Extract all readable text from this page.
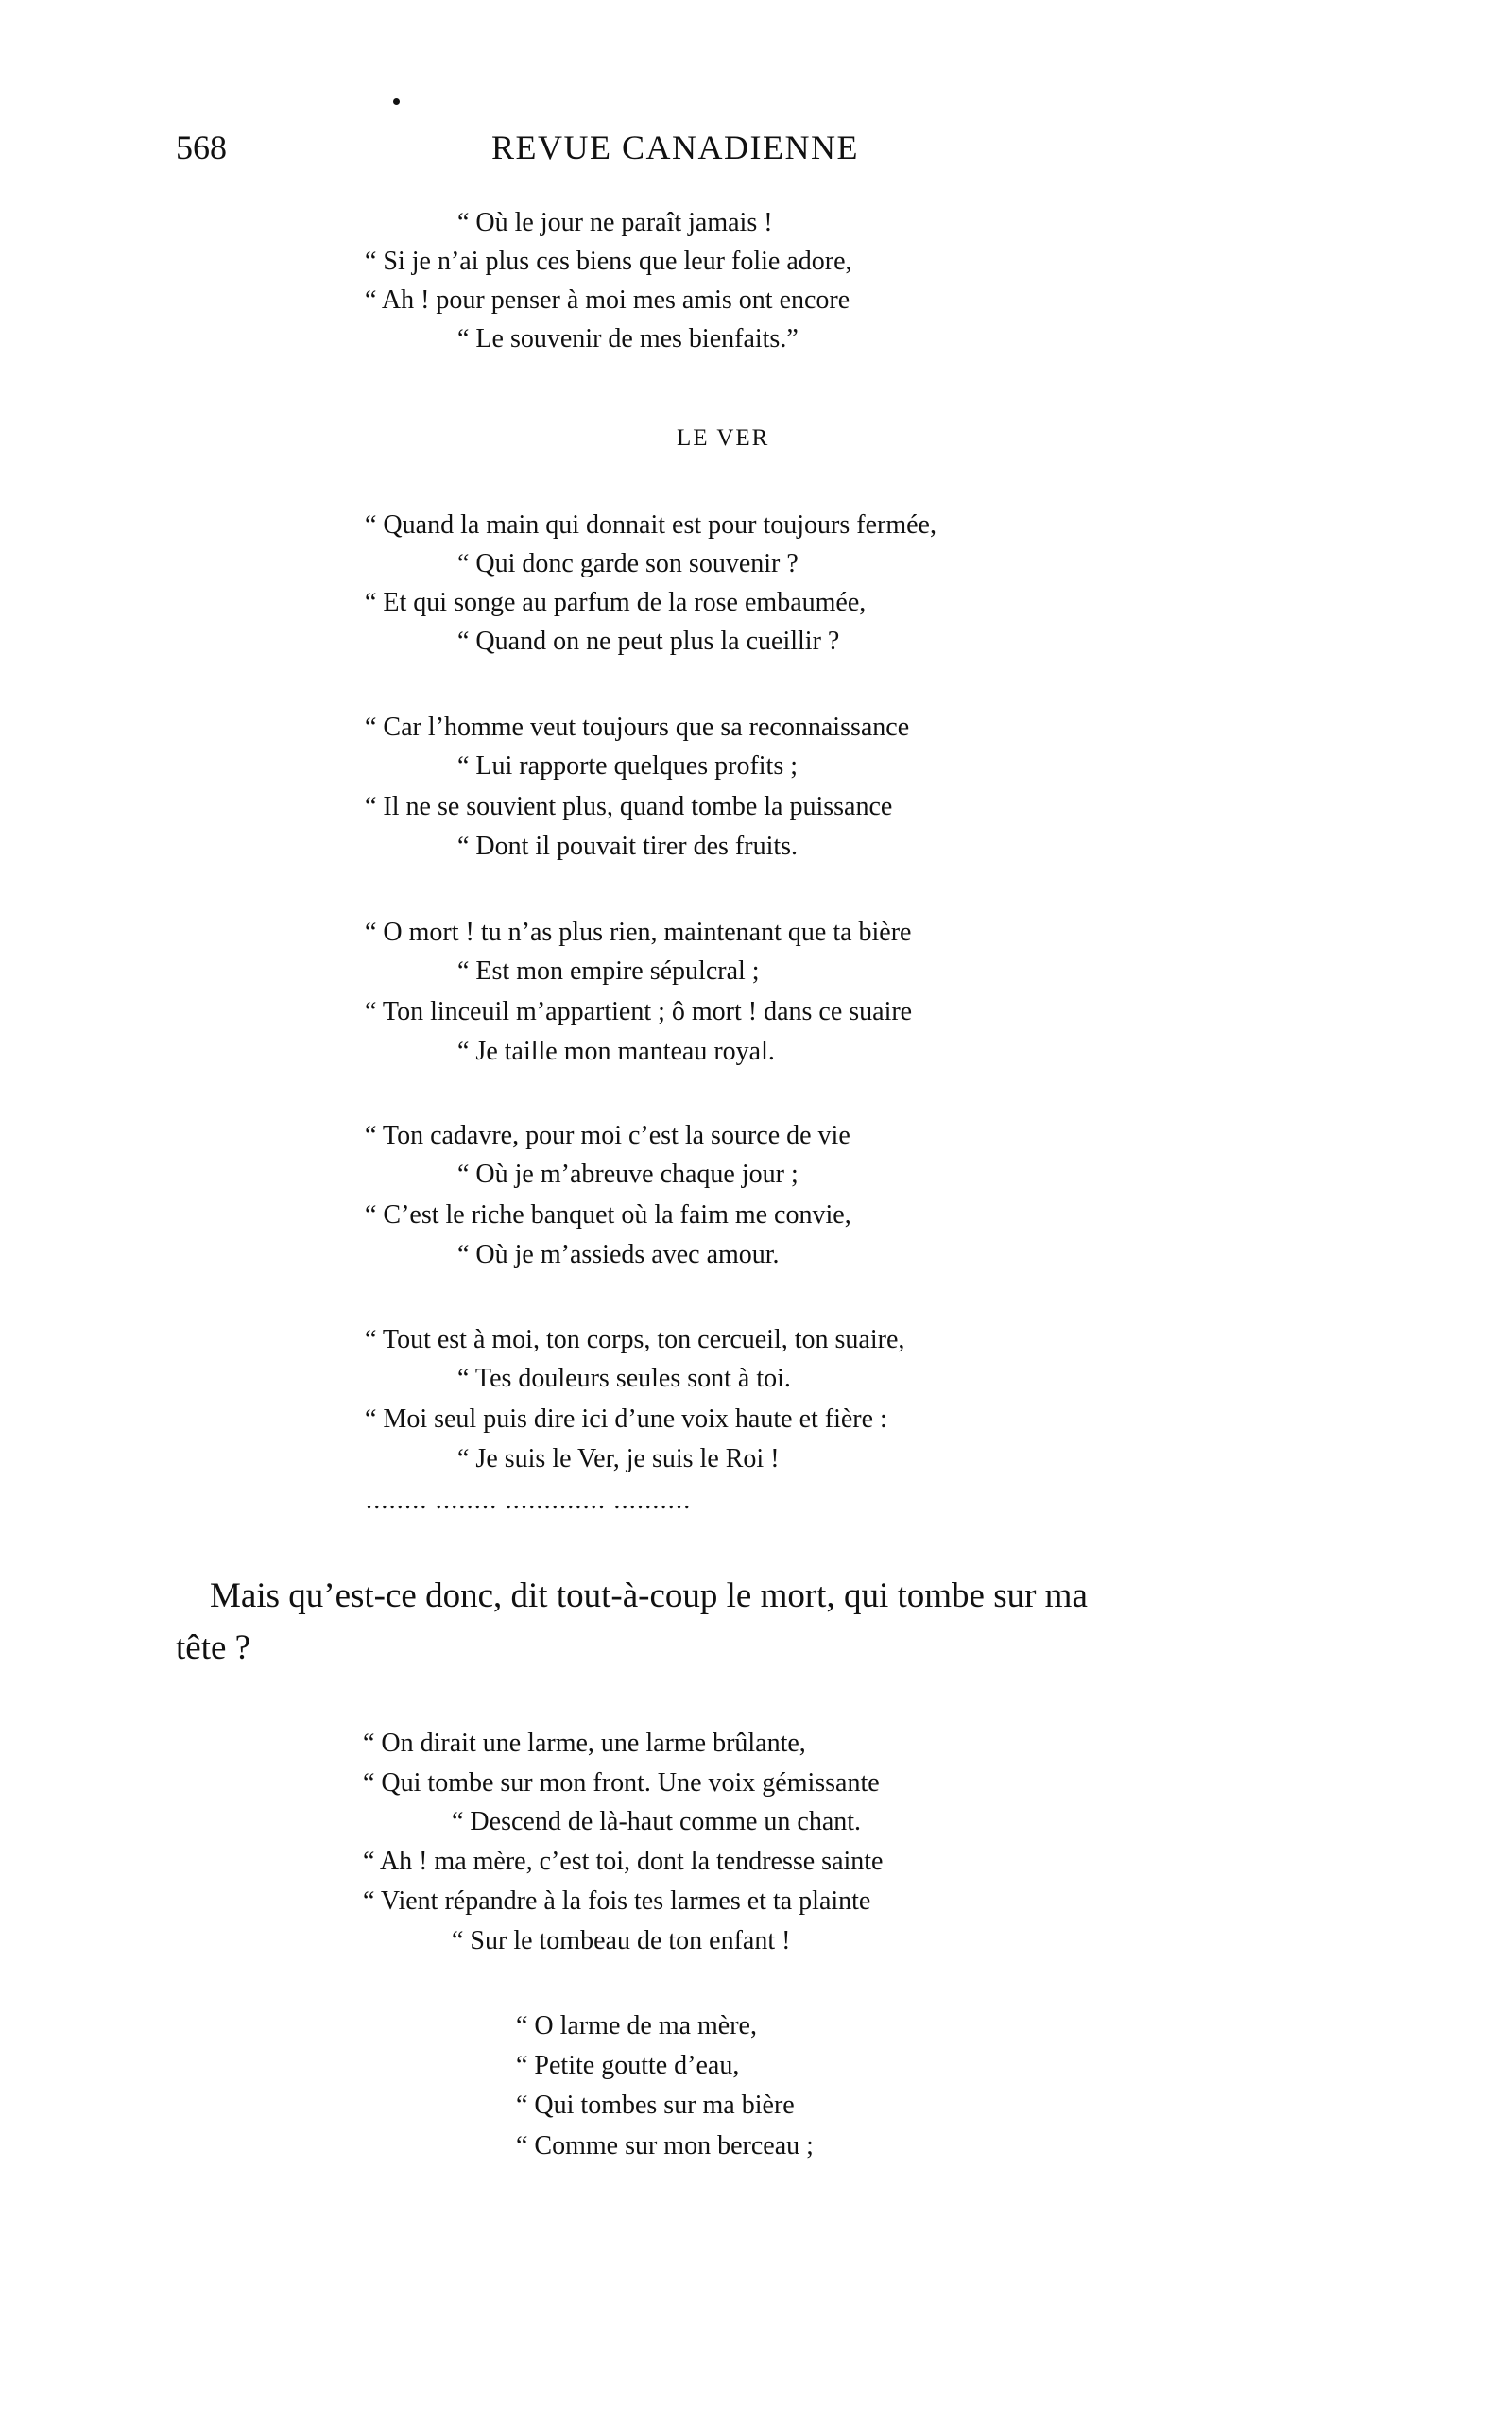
568	REVUE CANADIENNE
“ Où le jour ne paraît jamais !
“ Si je n’ai plus ces biens que leur folie adore,
“ Ah ! pour penser à moi mes amis ont encore
“ Le souvenir de mes bienfaits.”
LE VER
“ Quand la main qui donnait est pour toujours fermée,
“ Qui donc garde son souvenir ?
“ Et qui songe au parfum de la rose embaumée,
“ Quand on ne peut plus la cueillir ?
“ Car l’homme veut toujours que sa reconnaissance
“ Lui rapporte quelques profits ;
“ Il ne se souvient plus, quand tombe la puissance
“ Dont il pouvait tirer des fruits.
“ O mort ! tu n’as plus rien, maintenant que ta bière
“ Est mon empire sépulcral ;
“ Ton linceuil m’appartient ; ô mort ! dans ce suaire
“ Je taille mon manteau royal.
“ Ton cadavre, pour moi c’est la source de vie
“ Où je m’abreuve chaque jour ;
“ C’est le riche banquet où la faim me convie,
“ Où je m’assieds avec amour.
“ Tout est à moi, ton corps, ton cercueil, ton suaire,
“ Tes douleurs seules sont à toi.
“ Moi seul puis dire ici d’une voix haute et fière :
“ Je suis le Ver, je suis le Roi !
........ ........ ............. ..........
Mais qu’est-ce donc, dit tout-à-coup le mort, qui tombe sur ma
tête ?
“ On dirait une larme, une larme brûlante,
“ Qui tombe sur mon front. Une voix gémissante
“ Descend de là-haut comme un chant.
“ Ah ! ma mère, c’est toi, dont la tendresse sainte
“ Vient répandre à la fois tes larmes et ta plainte
“ Sur le tombeau de ton enfant !
“ O larme de ma mère,
“ Petite goutte d’eau,
“ Qui tombes sur ma bière
“ Comme sur mon berceau ;
